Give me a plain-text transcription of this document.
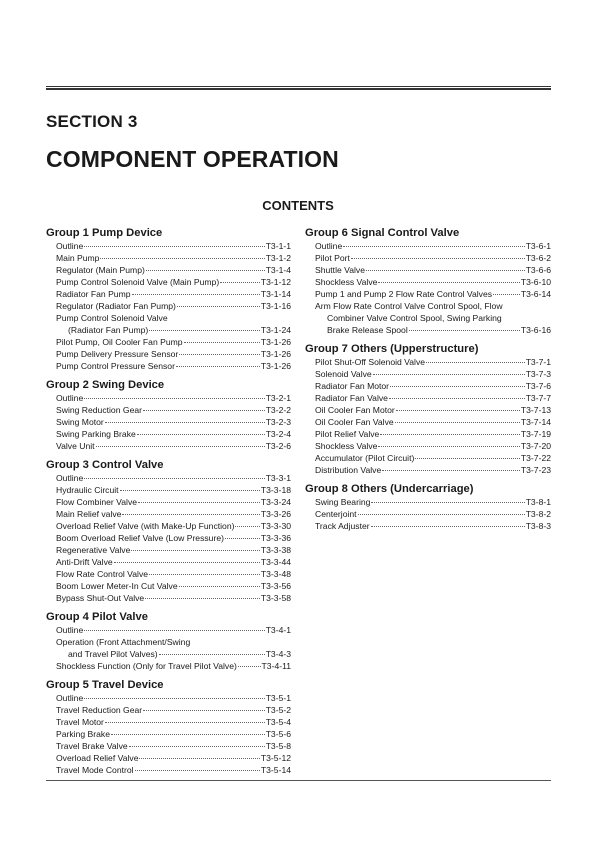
SECTION 3
COMPONENT OPERATION
CONTENTS
Group 1 Pump Device
Outline	T3-1-1
Main Pump	T3-1-2
Regulator (Main Pump)	T3-1-4
Pump Control Solenoid Valve (Main Pump)	T3-1-12
Radiator Fan Pump	T3-1-14
Regulator (Radiator Fan Pump)	T3-1-16
Pump Control Solenoid Valve
(Radiator Fan Pump)	T3-1-24
Pilot Pump, Oil Cooler Fan Pump	T3-1-26
Pump Delivery Pressure Sensor	T3-1-26
Pump Control Pressure Sensor	T3-1-26
Group 2 Swing Device
Outline	T3-2-1
Swing Reduction Gear	T3-2-2
Swing Motor	T3-2-3
Swing Parking Brake	T3-2-4
Valve Unit	T3-2-6
Group 3 Control Valve
Outline	T3-3-1
Hydraulic Circuit	T3-3-18
Flow Combiner Valve	T3-3-24
Main Relief valve	T3-3-26
Overload Relief Valve (with Make-Up Function)	T3-3-30
Boom Overload Relief Valve (Low Pressure)	T3-3-36
Regenerative Valve	T3-3-38
Anti-Drift Valve	T3-3-44
Flow Rate Control Valve	T3-3-48
Boom Lower Meter-In Cut Valve	T3-3-56
Bypass Shut-Out Valve	T3-3-58
Group 4 Pilot Valve
Outline	T3-4-1
Operation (Front Attachment/Swing
and Travel Pilot Valves)	T3-4-3
Shockless Function (Only for Travel Pilot Valve)	T3-4-11
Group 5 Travel Device
Outline	T3-5-1
Travel Reduction Gear	T3-5-2
Travel Motor	T3-5-4
Parking Brake	T3-5-6
Travel Brake Valve	T3-5-8
Overload Relief Valve	T3-5-12
Travel Mode Control	T3-5-14
Group 6 Signal Control Valve
Outline	T3-6-1
Pilot Port	T3-6-2
Shuttle Valve	T3-6-6
Shockless Valve	T3-6-10
Pump 1 and Pump 2 Flow Rate Control Valves	T3-6-14
Arm Flow Rate Control Valve Control Spool, Flow
Combiner Valve Control Spool, Swing Parking
Brake Release Spool	T3-6-16
Group 7 Others (Upperstructure)
Pilot Shut-Off Solenoid Valve	T3-7-1
Solenoid Valve	T3-7-3
Radiator Fan Motor	T3-7-6
Radiator Fan Valve	T3-7-7
Oil Cooler Fan Motor	T3-7-13
Oil Cooler Fan Valve	T3-7-14
Pilot Relief Valve	T3-7-19
Shockless Valve	T3-7-20
Accumulator (Pilot Circuit)	T3-7-22
Distribution Valve	T3-7-23
Group 8 Others (Undercarriage)
Swing Bearing	T3-8-1
Centerjoint	T3-8-2
Track Adjuster	T3-8-3
